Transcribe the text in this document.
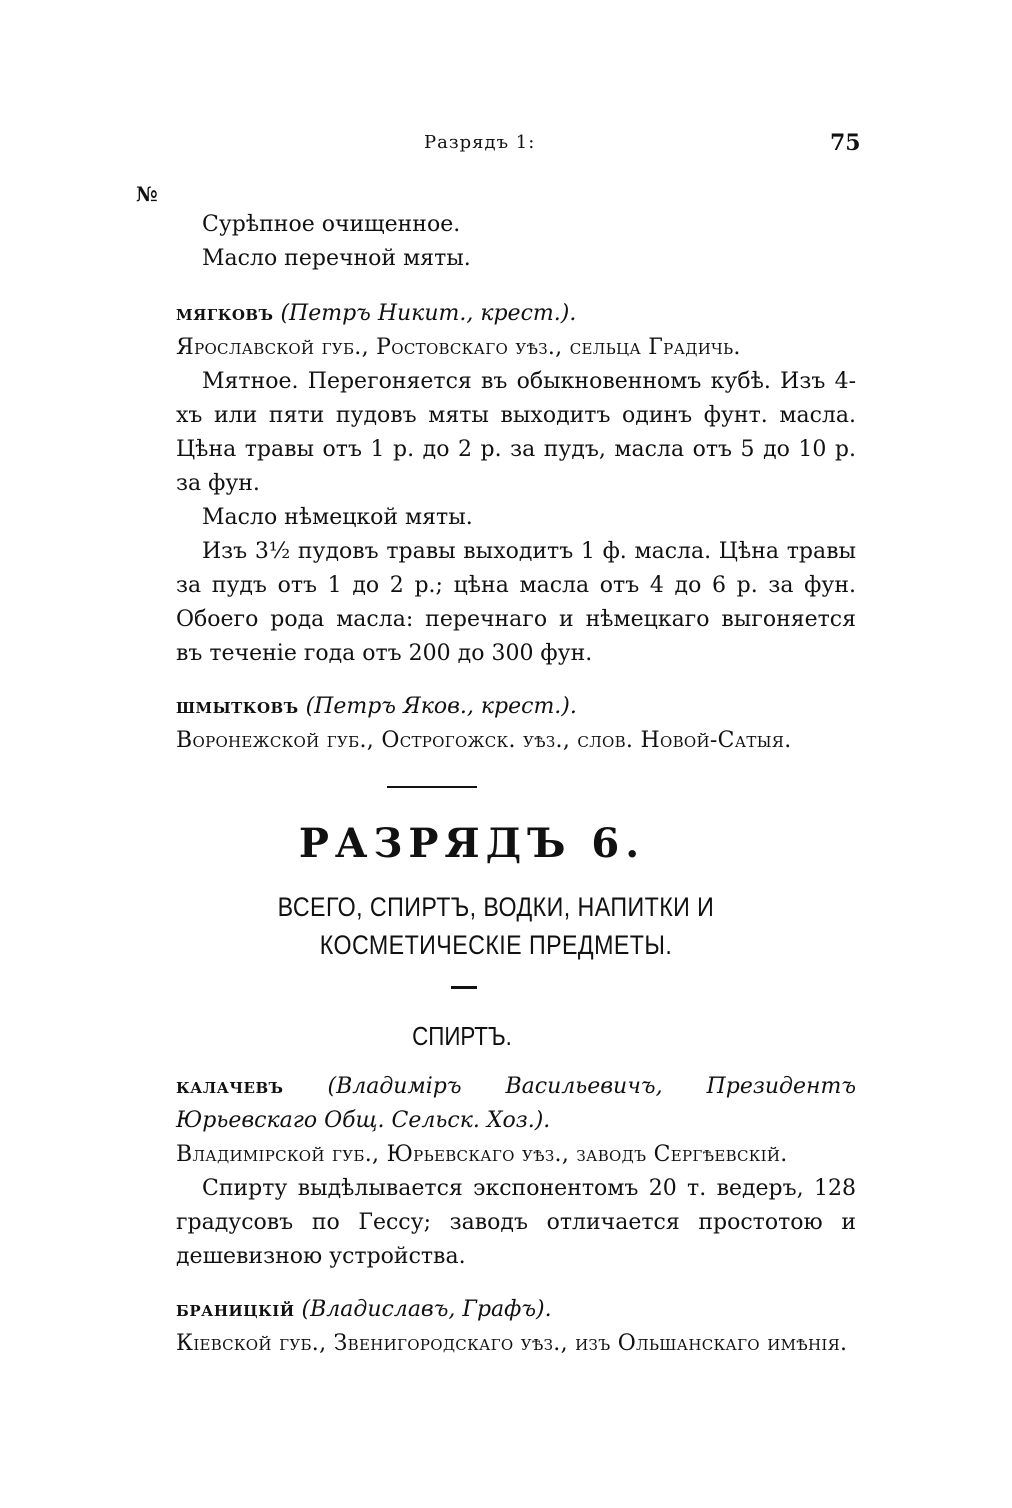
Разрядъ 1:	75
№

Сурѣпное очищенное.

Масло перечной мяты.

мягковъ (Петръ Никит., крест.).

Ярославской губ., Ростовскаго уѣз., сельца Градичь.

Мятное. Перегоняется въ обыкновенномъ кубѣ. Изъ 4-хъ или пяти пудовъ мяты выходитъ одинъ фунт. масла. Цѣна травы отъ 1 р. до 2 р. за пудъ, масла отъ 5 до 10 р. за фун.

Масло нѣмецкой мяты.

Изъ 3½ пудовъ травы выходитъ 1 ф. масла. Цѣна травы за пудъ отъ 1 до 2 р.; цѣна масла отъ 4 до 6 р. за фун. Обоего рода масла: перечнаго и нѣмецкаго выгоняется въ теченіе года отъ 200 до 300 фун.

шмытковъ (Петръ Яков., крест.).

Воронежской губ., Острогожск. уѣз., слов. Новой-Сатыя.

РАЗРЯДЪ 6.
ВСЕГО, СПИРТЪ, ВОДКИ, НАПИТКИ И КОСМЕТИЧЕСКІЕ ПРЕДМЕТЫ.
СПИРТЪ.

калачевъ (Владиміръ Васильевичъ, Президентъ Юрьевскаго Общ. Сельск. Хоз.).

Владимірской губ., Юрьевскаго уѣз., заводъ Сергѣевскій.

Спирту выдѣлывается экспонентомъ 20 т. ведеръ, 128 градусовъ по Гессу; заводъ отличается простотою и дешевизною устройства.

браницкій (Владиславъ, Графъ).

Кіевской губ., Звенигородскаго уѣз., изъ Ольшанскаго имѣнія.
